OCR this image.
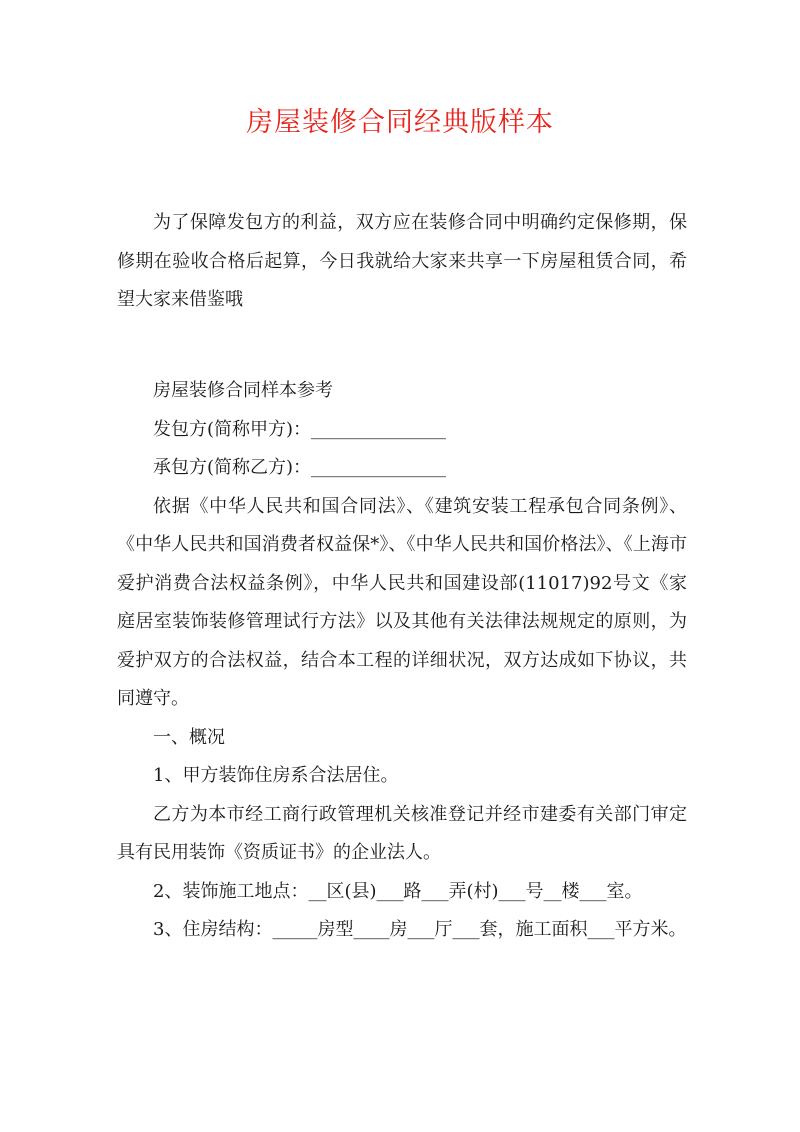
房屋装修合同经典版样本

为了保障发包方的利益，双方应在装修合同中明确约定保修期，保修期在验收合格后起算，今日我就给大家来共享一下房屋租赁合同，希望大家来借鉴哦

房屋装修合同样本参考

发包方(简称甲方)：_______________

承包方(简称乙方)：_______________

依据《中华人民共和国合同法》、《建筑安装工程承包合同条例》、《中华人民共和国消费者权益保*》、《中华人民共和国价格法》、《上海市爱护消费合法权益条例》，中华人民共和国建设部(11017)92号文《家庭居室装饰装修管理试行方法》以及其他有关法律法规规定的原则，为爱护双方的合法权益，结合本工程的详细状况，双方达成如下协议，共同遵守。

一、概况

1、甲方装饰住房系合法居住。

乙方为本市经工商行政管理机关核准登记并经市建委有关部门审定具有民用装饰《资质证书》的企业法人。

2、装饰施工地点：__区(县)___路___弄(村)___号__楼___室。

3、住房结构：_____房型____房___厅___套，施工面积___平方米。
